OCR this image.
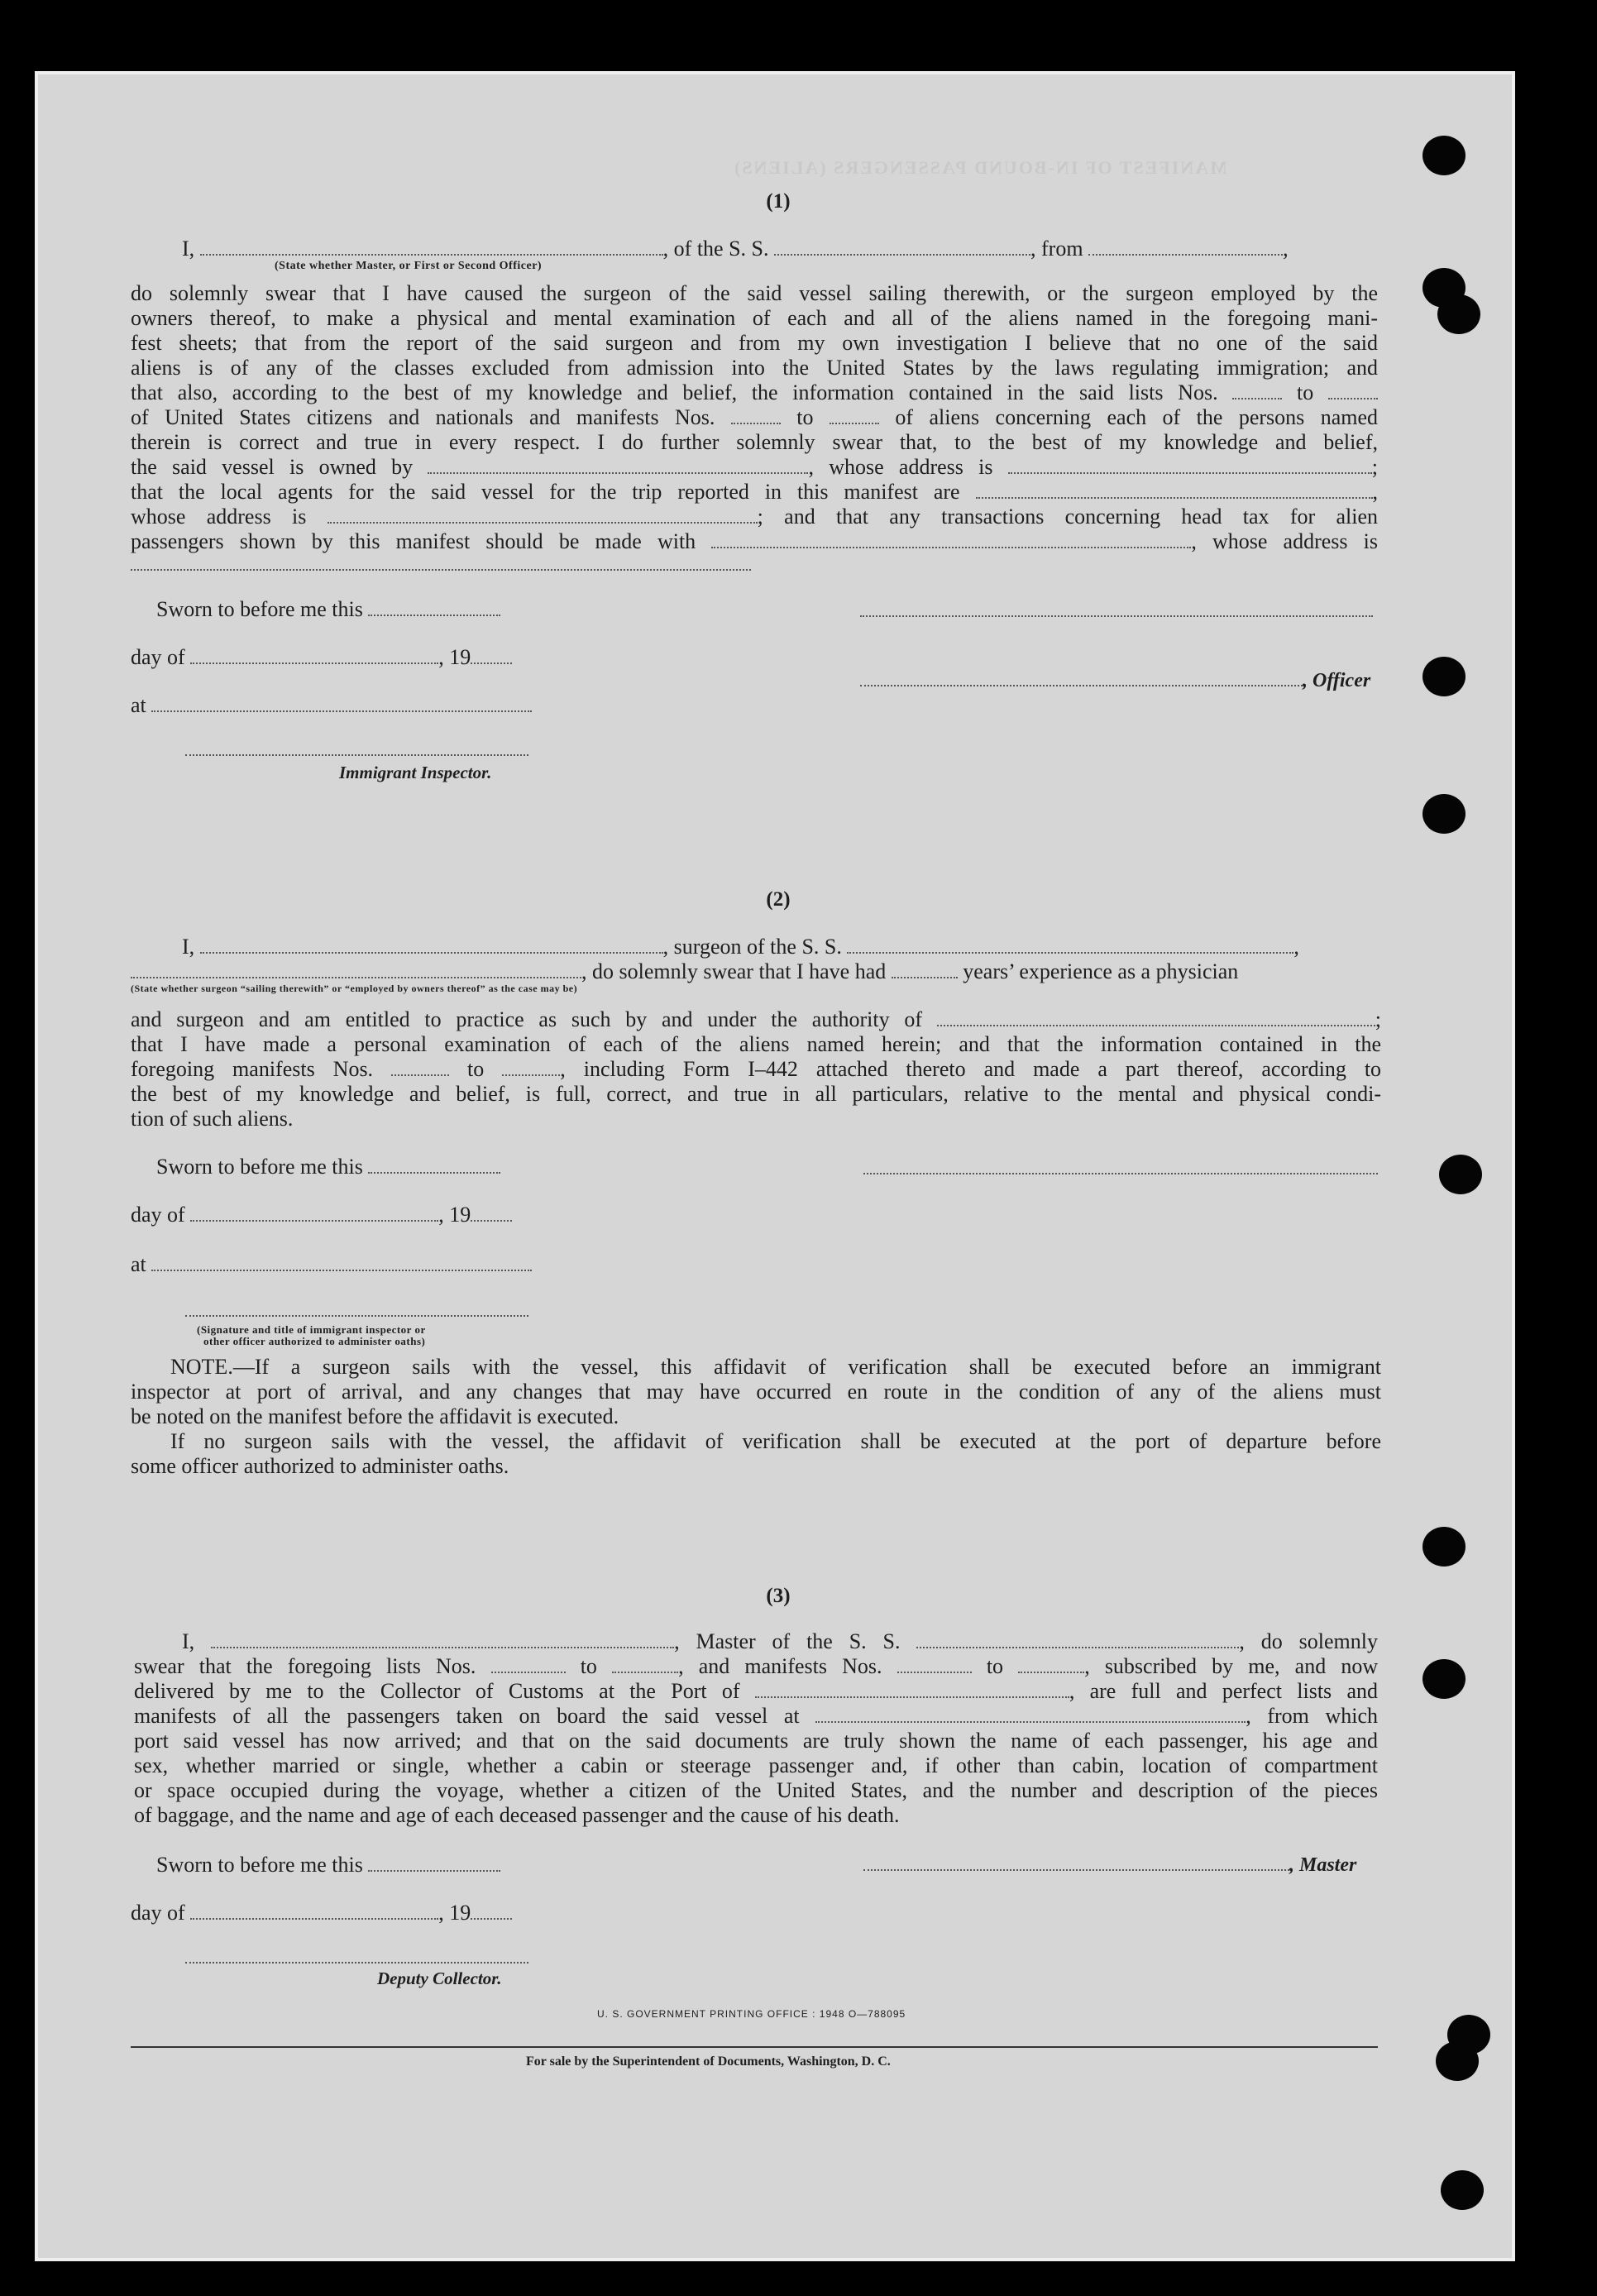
MANIFEST OF IN-BOUND PASSENGERS (ALIENS)
(1)
I,	, of the S. S.	, from	,
(State whether Master, or First or Second Officer)
do solemnly swear that I have caused the surgeon of the said vessel sailing therewith, or the surgeon employed by the
owners thereof, to make a physical and mental examination of each and all of the aliens named in the foregoing mani-
fest sheets; that from the report of the said surgeon and from my own investigation I believe that no one of the said
aliens is of any of the classes excluded from admission into the United States by the laws regulating immigration; and
that also, according to the best of my knowledge and belief, the information contained in the said lists Nos.	to
of United States citizens and nationals and manifests Nos.	to	of aliens concerning each of the persons named
therein is correct and true in every respect. I do further solemnly swear that, to the best of my knowledge and belief,
the said vessel is owned by	, whose address is	;
that the local agents for the said vessel for the trip reported in this manifest are	,
whose address is	; and that any transactions concerning head tax for alien
passengers shown by this manifest should be made with	, whose address is
Sworn to before me this
day of	, 19
, Officer
at
Immigrant Inspector.
(2)
I,	, surgeon of the S. S.	,
, do solemnly swear that I have had	years’ experience as a physician
(State whether surgeon “sailing therewith” or “employed by owners thereof” as the case may be)
and surgeon and am entitled to practice as such by and under the authority of	;
that I have made a personal examination of each of the aliens named herein; and that the information contained in the
foregoing manifests Nos.	to	, including Form I–442 attached thereto and made a part thereof, according to
the best of my knowledge and belief, is full, correct, and true in all particulars, relative to the mental and physical condi-
tion of such aliens.
Sworn to before me this
day of	, 19
at
(Signature and title of immigrant inspector or
other officer authorized to administer oaths)
NOTE.—If a surgeon sails with the vessel, this affidavit of verification shall be executed before an immigrant
inspector at port of arrival, and any changes that may have occurred en route in the condition of any of the aliens must
be noted on the manifest before the affidavit is executed.
If no surgeon sails with the vessel, the affidavit of verification shall be executed at the port of departure before
some officer authorized to administer oaths.
(3)
I,	, Master of the S. S.	, do solemnly
swear that the foregoing lists Nos.	to	, and manifests Nos.	to	, subscribed by me, and now
delivered by me to the Collector of Customs at the Port of	, are full and perfect lists and
manifests of all the passengers taken on board the said vessel at	, from which
port said vessel has now arrived; and that on the said documents are truly shown the name of each passenger, his age and
sex, whether married or single, whether a cabin or steerage passenger and, if other than cabin, location of compartment
or space occupied during the voyage, whether a citizen of the United States, and the number and description of the pieces
of baggage, and the name and age of each deceased passenger and the cause of his death.
Sworn to before me this	, Master
day of	, 19
Deputy Collector.
U. S. GOVERNMENT PRINTING OFFICE : 1948 O—788095
For sale by the Superintendent of Documents, Washington, D. C.
